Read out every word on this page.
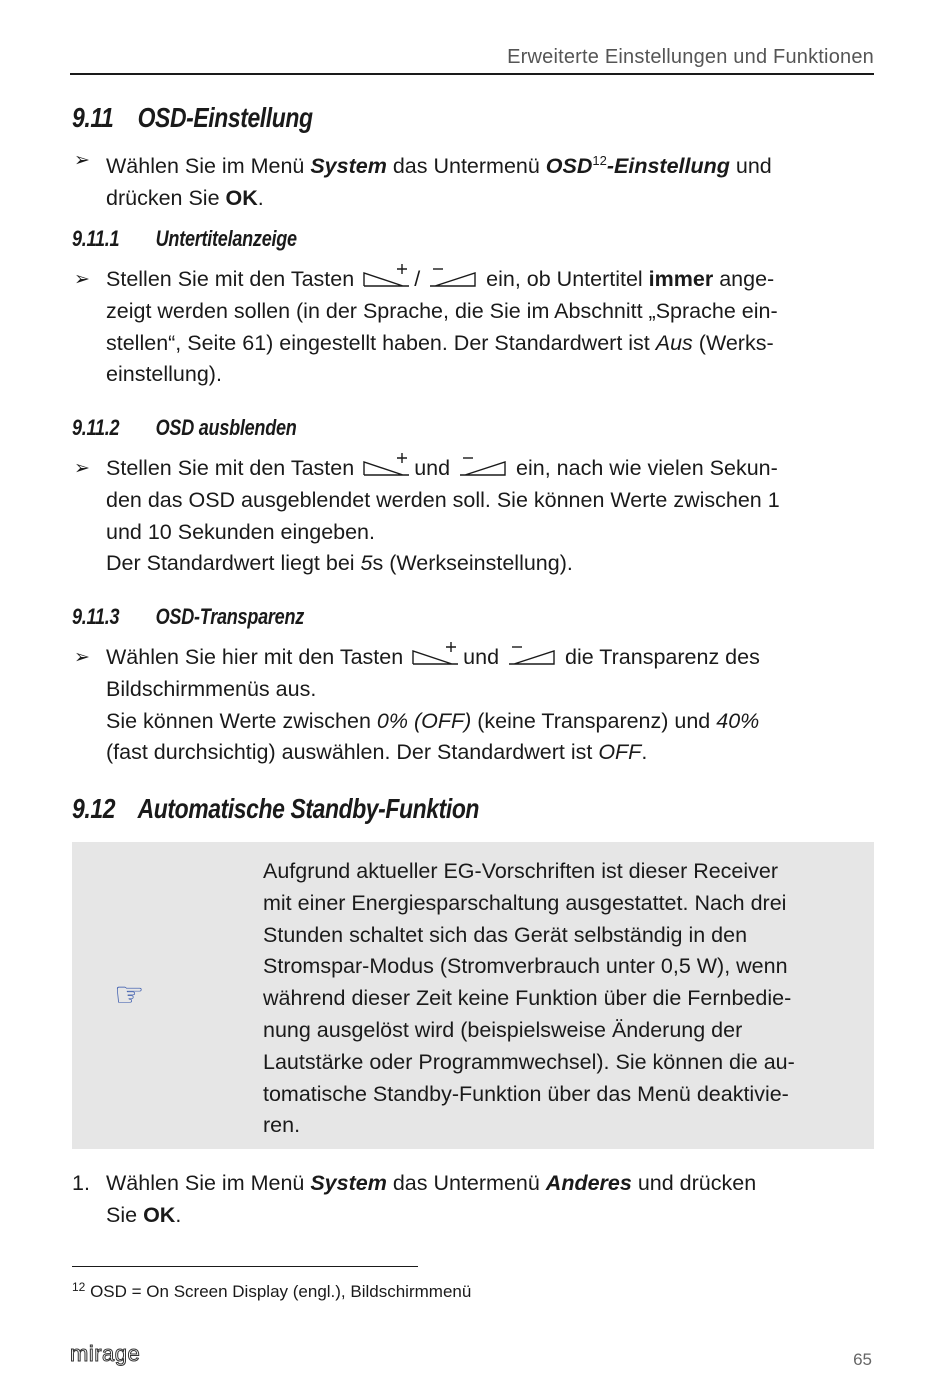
Erweiterte Einstellungen und Funktionen
9.11 OSD-Einstellung
➢ Wählen Sie im Menü System das Untermenü OSD$^{12}$-Einstellung und
drücken Sie OK.
9.11.1 Untertitelanzeige
➢ Stellen Sie mit den Tasten	/	ein, ob Untertitel immer ange-
zeigt werden sollen (in der Sprache, die Sie im Abschnitt „Sprache ein-
stellen“, Seite 61) eingestellt haben. Der Standardwert ist Aus (Werks-
einstellung).
9.11.2 OSD ausblenden
➢ Stellen Sie mit den Tasten	und	ein, nach wie vielen Sekun-
den das OSD ausgeblendet werden soll. Sie können Werte zwischen 1
und 10 Sekunden eingeben.
Der Standardwert liegt bei 5s (Werkseinstellung).
9.11.3 OSD-Transparenz
➢ Wählen Sie hier mit den Tasten	und	die Transparenz des
Bildschirmmenüs aus.
Sie können Werte zwischen 0% (OFF) (keine Transparenz) und 40%
(fast durchsichtig) auswählen. Der Standardwert ist OFF.
9.12 Automatische Standby-Funktion
☞
Aufgrund aktueller EG-Vorschriften ist dieser Receiver
mit einer Energiesparschaltung ausgestattet. Nach drei
Stunden schaltet sich das Gerät selbständig in den
Stromspar-Modus (Stromverbrauch unter 0,5 W), wenn
während dieser Zeit keine Funktion über die Fernbedie-
nung ausgelöst wird (beispielsweise Änderung der
Lautstärke oder Programmwechsel). Sie können die au-
tomatische Standby-Funktion über das Menü deaktivie-
ren.
1. Wählen Sie im Menü System das Untermenü Anderes und drücken
Sie OK.
$^{12}$ OSD = On Screen Display (engl.), Bildschirmmenü
mirage	65
